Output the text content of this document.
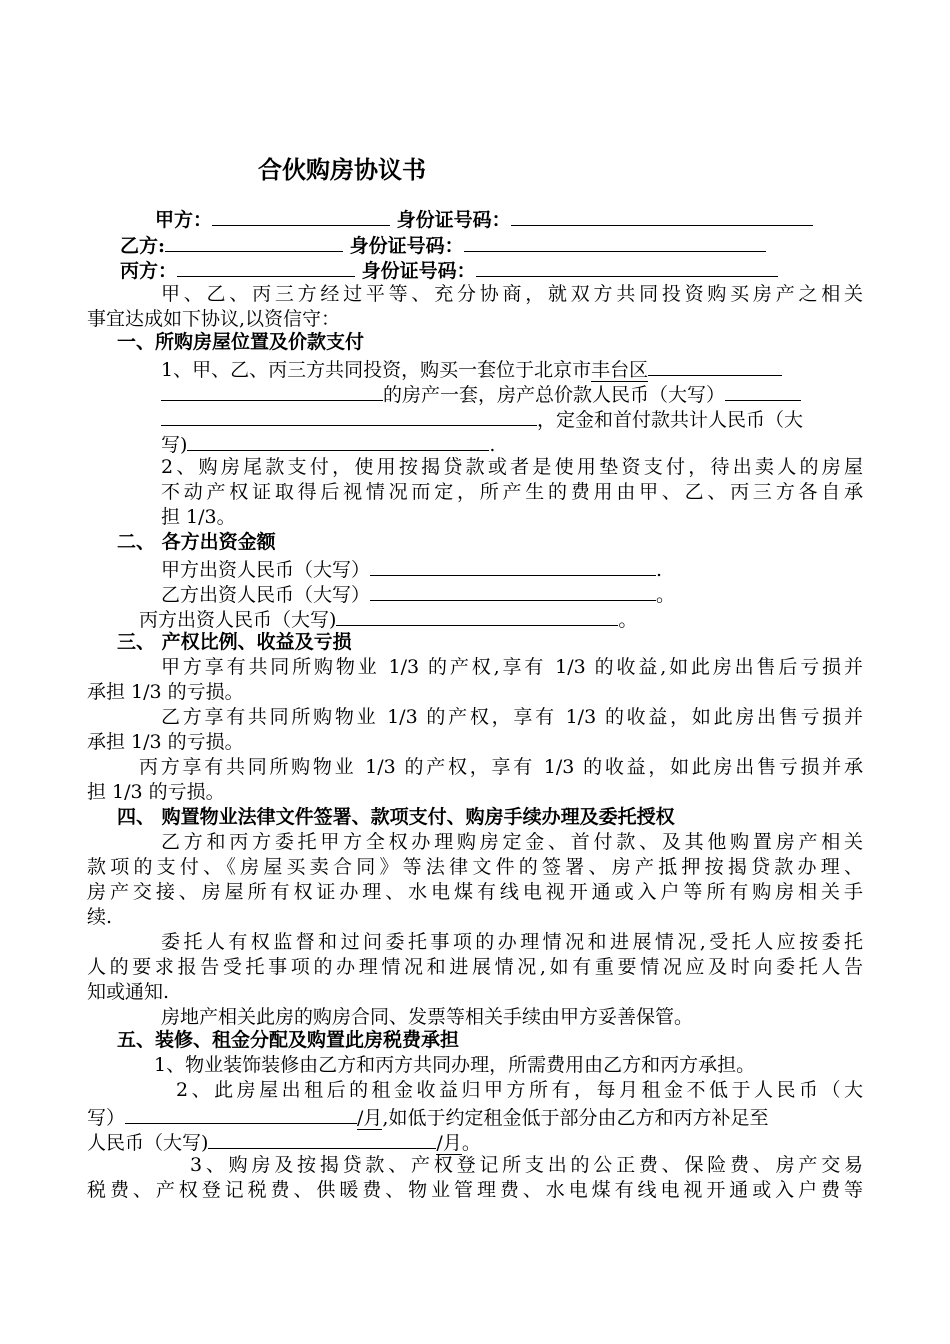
合伙购房协议书
甲方：	身份证号码：
乙方:	身份证号码：
丙方：	身份证号码：
甲、乙、丙三方经过平等、充分协商，就双方共同投资购买房产之相关
事宜达成如下协议,以资信守：
一、所购房屋位置及价款支付
1、甲、乙、丙三方共同投资，购买一套位于北京市丰台区
的房产一套，房产总价款人民币（大写）
，定金和首付款共计人民币（大
写)	.
2、购房尾款支付，使用按揭贷款或者是使用垫资支付，待出卖人的房屋
不动产权证取得后视情况而定，所产生的费用由甲、乙、丙三方各自承
担 1/3。
二、 各方出资金额
甲方出资人民币（大写）	.
乙方出资人民币（大写）	。
丙方出资人民币（大写)	。
三、 产权比例、收益及亏损
甲方享有共同所购物业 1/3 的产权,享有 1/3 的收益,如此房出售后亏损并
承担 1/3 的亏损。
乙方享有共同所购物业 1/3 的产权，享有 1/3 的收益，如此房出售亏损并
承担 1/3 的亏损。
丙方享有共同所购物业 1/3 的产权，享有 1/3 的收益，如此房出售亏损并承
担 1/3 的亏损。
四、 购置物业法律文件签署、款项支付、购房手续办理及委托授权
乙方和丙方委托甲方全权办理购房定金、首付款、及其他购置房产相关
款项的支付、《房屋买卖合同》等法律文件的签署、房产抵押按揭贷款办理、
房产交接、房屋所有权证办理、水电煤有线电视开通或入户等所有购房相关手
续.
委托人有权监督和过问委托事项的办理情况和进展情况,受托人应按委托
人的要求报告受托事项的办理情况和进展情况,如有重要情况应及时向委托人告
知或通知.
房地产相关此房的购房合同、发票等相关手续由甲方妥善保管。
五、装修、租金分配及购置此房税费承担
1、物业装饰装修由乙方和丙方共同办理，所需费用由乙方和丙方承担。
2、此房屋出租后的租金收益归甲方所有，每月租金不低于人民币（大
写）	/月,如低于约定租金低于部分由乙方和丙方补足至
人民币（大写)	/月。
3、购房及按揭贷款、产权登记所支出的公正费、保险费、房产交易
税费、产权登记税费、供暖费、物业管理费、水电煤有线电视开通或入户费等
